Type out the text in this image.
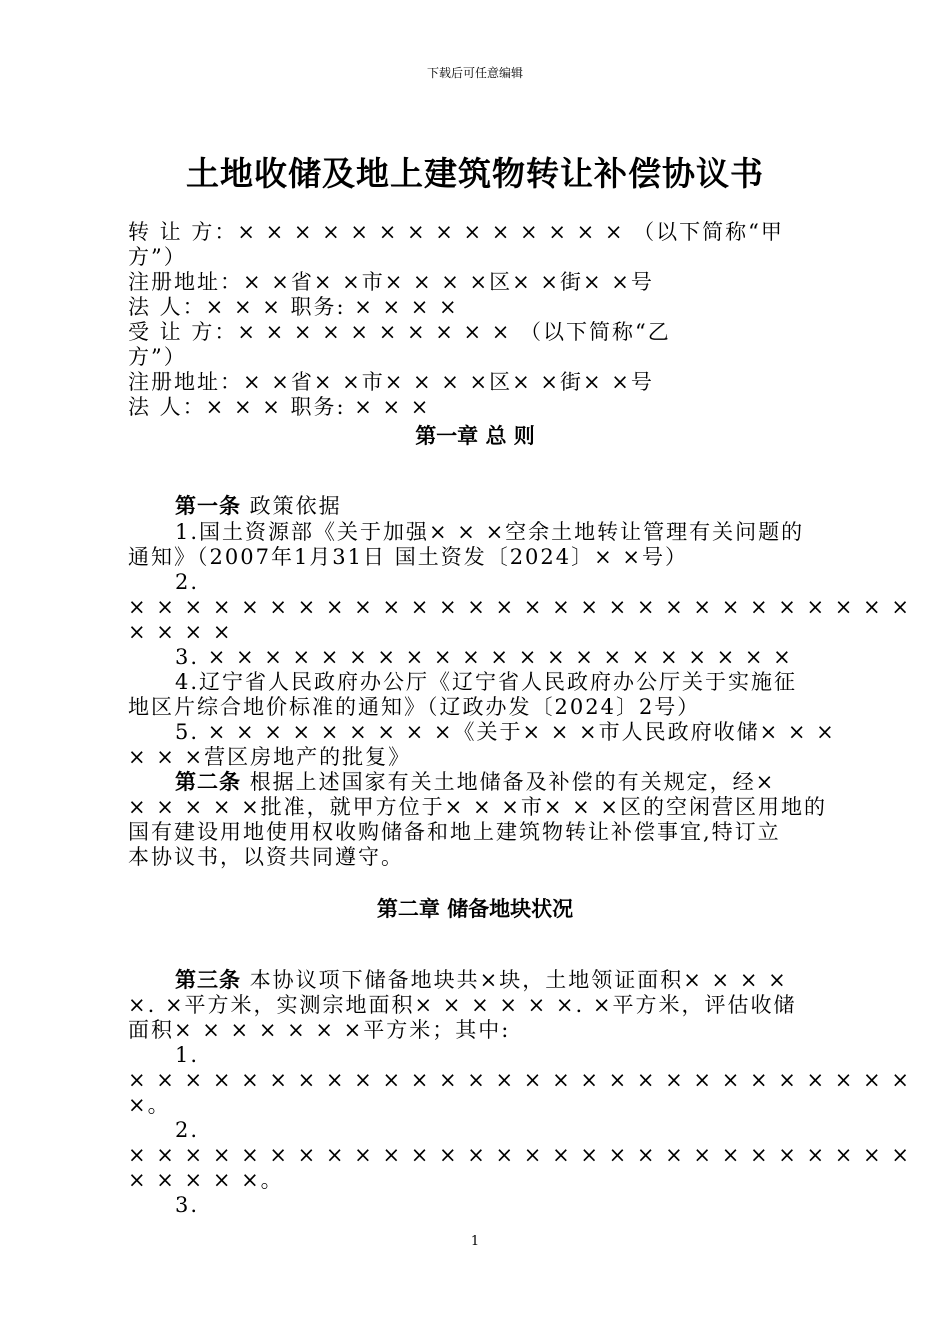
下载后可任意编辑
土地收储及地上建筑物转让补偿协议书
转 让 方：× × × × × × × × × × × × × × （以下简称“甲
方”）
注册地址：× ×省× ×市× × × ×区× ×街× ×号
法 人：× × × 职务: × × × ×
受 让 方：× × × × × × × × × × （以下简称“乙
方”）
注册地址：× ×省× ×市× × × ×区× ×街× ×号
法 人：× × × 职务: × × ×
第一章 总 则
第一条 政策依据
1.国土资源部《关于加强× × ×空余土地转让管理有关问题的
通知》（2007年1月31日 国土资发〔2024〕× ×号）
2.
× × × × × × × × × × × × × × × × × × × × × × × × × × × ×
× × × ×
3. × × × × × × × × × × × × × × × × × × × × ×
4.辽宁省人民政府办公厅《辽宁省人民政府办公厅关于实施征
地区片综合地价标准的通知》（辽政办发〔2024〕2号）
5. × × × × × × × × ×《关于× × ×市人民政府收储× × ×
× × ×营区房地产的批复》
第二条 根据上述国家有关土地储备及补偿的有关规定，经×
× × × × ×批准，就甲方位于× × ×市× × ×区的空闲营区用地的
国有建设用地使用权收购储备和地上建筑物转让补偿事宜,特订立
本协议书，以资共同遵守。
第二章 储备地块状况
第三条 本协议项下储备地块共×块，土地领证面积× × × ×
×. ×平方米，实测宗地面积× × × × × ×. ×平方米，评估收储
面积× × × × × × ×平方米；其中:
1.
× × × × × × × × × × × × × × × × × × × × × × × × × × × ×
×。
2.
× × × × × × × × × × × × × × × × × × × × × × × × × × × ×
× × × × ×。
3.
1
